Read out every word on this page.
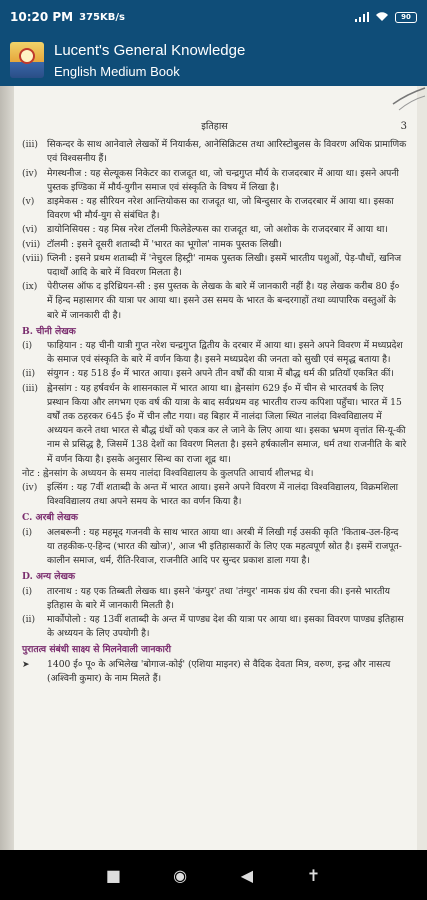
10:20 PM 375KB/s	90
Lucent's General Knowledge
English Medium Book
इतिहास	3
(iii) सिकन्दर के साथ आनेवाले लेखकों में नियार्कस, आनेसिक्रिटस तथा आरिस्टोबुलस के विवरण अधिक प्रामाणिक एवं विश्वसनीय हैं।
(iv)	मेगस्थनीज : यह सेल्यूकस निकेटर का राजदूत था, जो चन्द्रगुप्त मौर्य के राजदरबार में आया था। इसने अपनी पुस्तक इण्डिका में मौर्य-युगीन समाज एवं संस्कृति के विषय में लिखा है।
(v)	डाइमेकस : यह सीरियन नरेश आन्तियोकस का राजदूत था, जो बिन्दुसार के राजदरबार में आया था। इसका विवरण भी मौर्य-युग से संबंधित है।
(vi)	डायोनिसियस : यह मिस्र नरेश टॉलमी फिलेडेल्फस का राजदूत था, जो अशोक के राजदरबार में आया था।
(vii) टॉलमी : इसने दूसरी शताब्दी में 'भारत का भूगोल' नामक पुस्तक लिखी।
(viii) प्लिनी : इसने प्रथम शताब्दी में 'नेचुरल हिस्ट्री' नामक पुस्तक लिखी। इसमें भारतीय पशुओं, पेड़-पौधों, खनिज पदार्थों आदि के बारे में विवरण मिलता है।
(ix)	पेरीप्लस ऑफ द इरिथ्रियन-सी : इस पुस्तक के लेखक के बारे में जानकारी नहीं है। यह लेखक करीब 80 ई० में हिन्द महासागर की यात्रा पर आया था। इसने उस समय के भारत के बन्दरगाहों तथा व्यापारिक वस्तुओं के बारे में जानकारी दी है।
B. चीनी लेखक
(i)	फाहियान : यह चीनी यात्री गुप्त नरेश चन्द्रगुप्त द्वितीय के दरबार में आया था। इसने अपने विवरण में मध्यप्रदेश के समाज एवं संस्कृति के बारे में वर्णन किया है। इसने मध्यप्रदेश की जनता को सुखी एवं समृद्ध बताया है।
(ii)	संयुगन : यह 518 ई० में भारत आया। इसने अपने तीन वर्षों की यात्रा में बौद्ध धर्म की प्रतियाँ एकत्रित कीं।
(iii) ह्वेनसांग : यह हर्षवर्धन के शासनकाल में भारत आया था। ह्वेनसांग 629 ई० में चीन से भारतवर्ष के लिए प्रस्थान किया और लगभग एक वर्ष की यात्रा के बाद सर्वप्रथम वह भारतीय राज्य कपिशा पहुँचा। भारत में 15 वर्षों तक ठहरकर 645 ई० में चीन लौट गया। वह बिहार में नालंदा जिला स्थित नालंदा विश्वविद्यालय में अध्ययन करने तथा भारत से बौद्ध ग्रंथों को एकत्र कर ले जाने के लिए आया था। इसका भ्रमण वृत्तांत सि-यू-की नाम से प्रसिद्ध है, जिसमें 138 देशों का विवरण मिलता है। इसने हर्षकालीन समाज, धर्म तथा राजनीति के बारे में वर्णन किया है। इसके अनुसार सिन्ध का राजा शूद्र था।

नोट : ह्वेनसांग के अध्ययन के समय नालंदा विश्वविद्यालय के कुलपति आचार्य शीलभद्र थे।

(iv)	इत्सिंग : यह 7वीं शताब्दी के अन्त में भारत आया। इसने अपने विवरण में नालंदा विश्वविद्यालय, विक्रमशिला विश्वविद्यालय तथा अपने समय के भारत का वर्णन किया है।
C. अरबी लेखक
(i)	अलबरूनी : यह महमूद गजनवी के साथ भारत आया था। अरबी में लिखी गई उसकी कृति 'किताब-उल-हिन्द या तहकीक-ए-हिन्द (भारत की खोज)', आज भी इतिहासकारों के लिए एक महत्वपूर्ण स्रोत है। इसमें राजपूत-कालीन समाज, धर्म, रीति-रिवाज, राजनीति आदि पर सुन्दर प्रकाश डाला गया है।
D. अन्य लेखक
(i)	तारनाथ : यह एक तिब्बती लेखक था। इसने 'कंग्युर' तथा 'तंग्युर' नामक ग्रंथ की रचना की। इनसे भारतीय इतिहास के बारे में जानकारी मिलती है।
(ii)	मार्कोपोलो : यह 13वीं शताब्दी के अन्त में पाण्ड्य देश की यात्रा पर आया था। इसका विवरण पाण्ड्य इतिहास के अध्ययन के लिए उपयोगी है।
पुरातत्व संबंधी साक्ष्य से मिलनेवाली जानकारी
➤	1400 ई० पू० के अभिलेख 'बोगाज-कोई' (एशिया माइनर) से वैदिक देवता मित्र, वरुण, इन्द्र और नासत्य (अश्विनी कुमार) के नाम मिलते हैं।
■	◉	◀	✝
